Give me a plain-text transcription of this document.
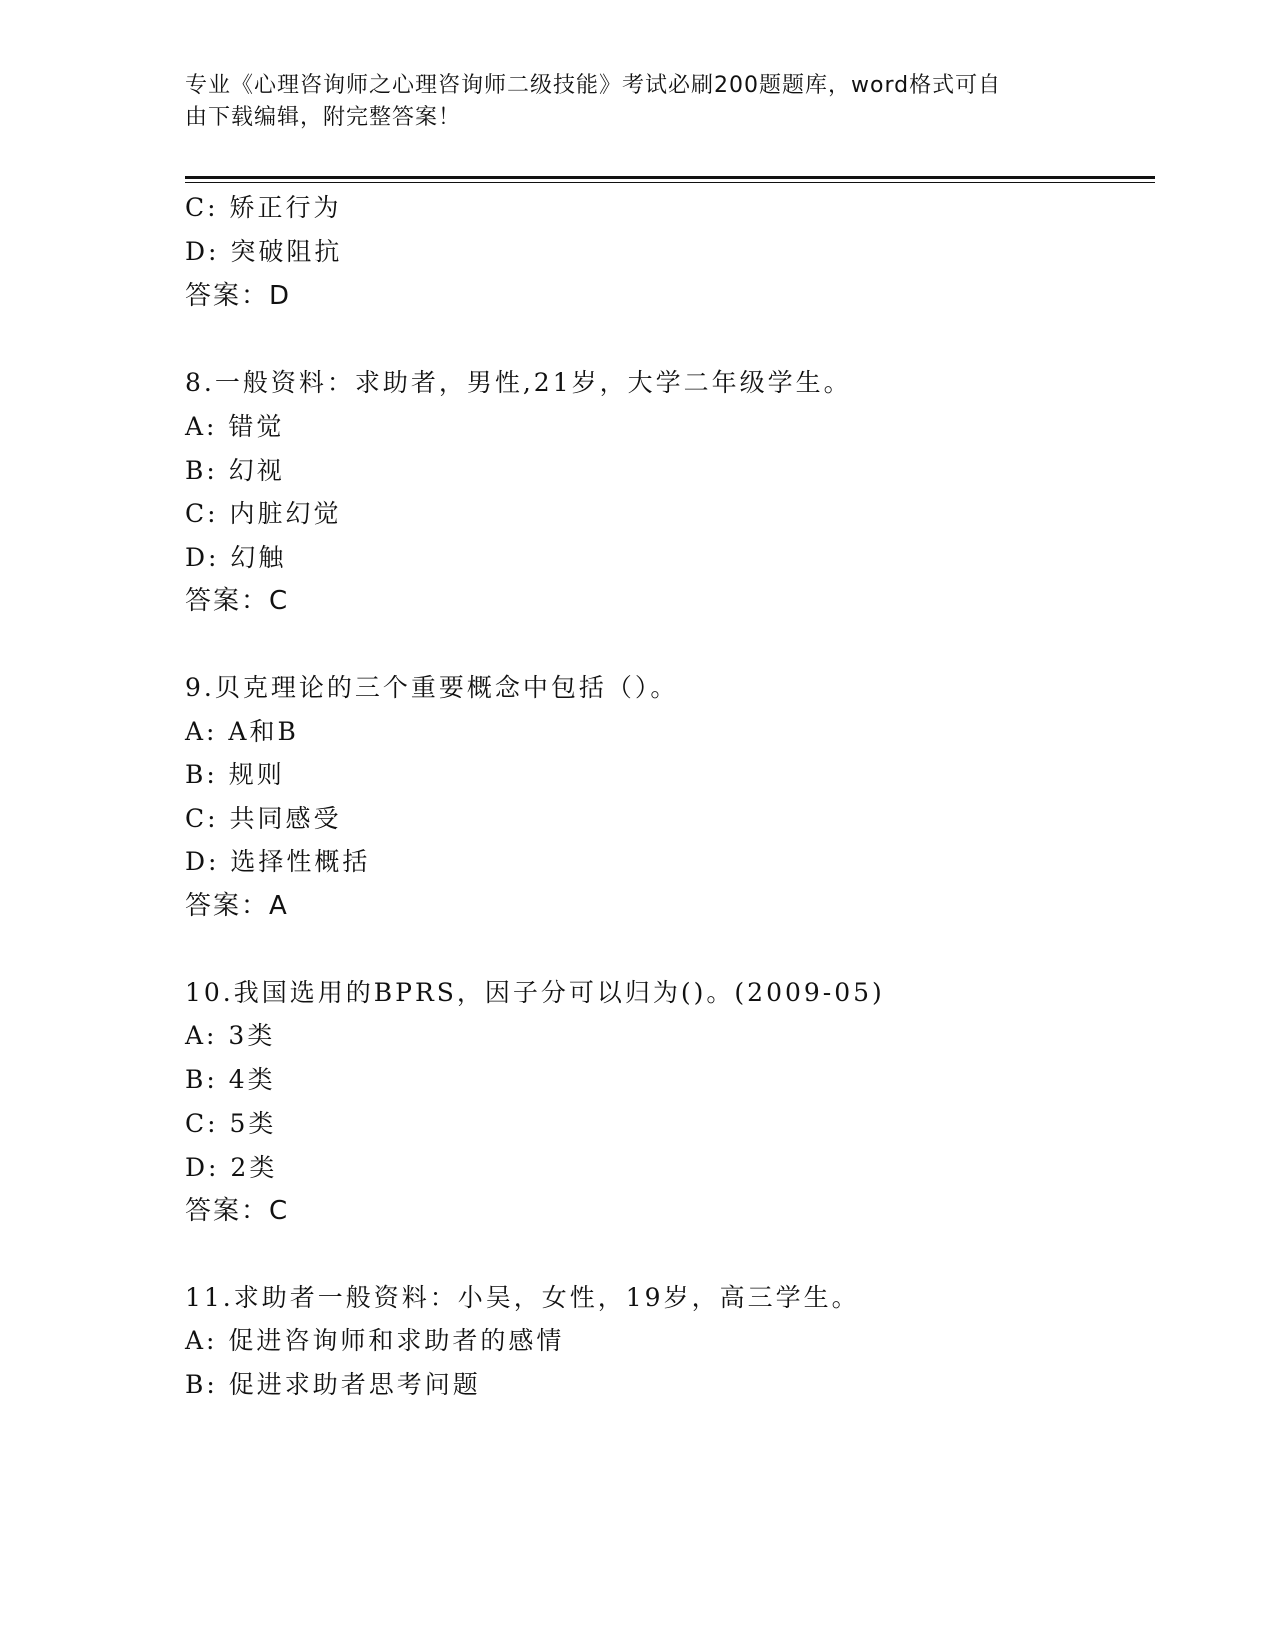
专业《心理咨询师之心理咨询师二级技能》考试必刷200题题库，word格式可自
由下载编辑，附完整答案！
C: 矫正行为
D: 突破阻抗
答案：D
8.一般资料：求助者，男性,21岁，大学二年级学生。
A: 错觉
B: 幻视
C: 内脏幻觉
D: 幻触
答案：C
9.贝克理论的三个重要概念中包括（）。
A: A和B
B: 规则
C: 共同感受
D: 选择性概括
答案：A
10.我国选用的BPRS，因子分可以归为()。(2009-05)
A: 3类
B: 4类
C: 5类
D: 2类
答案：C
11.求助者一般资料：小吴，女性，19岁，高三学生。
A: 促进咨询师和求助者的感情
B: 促进求助者思考问题
